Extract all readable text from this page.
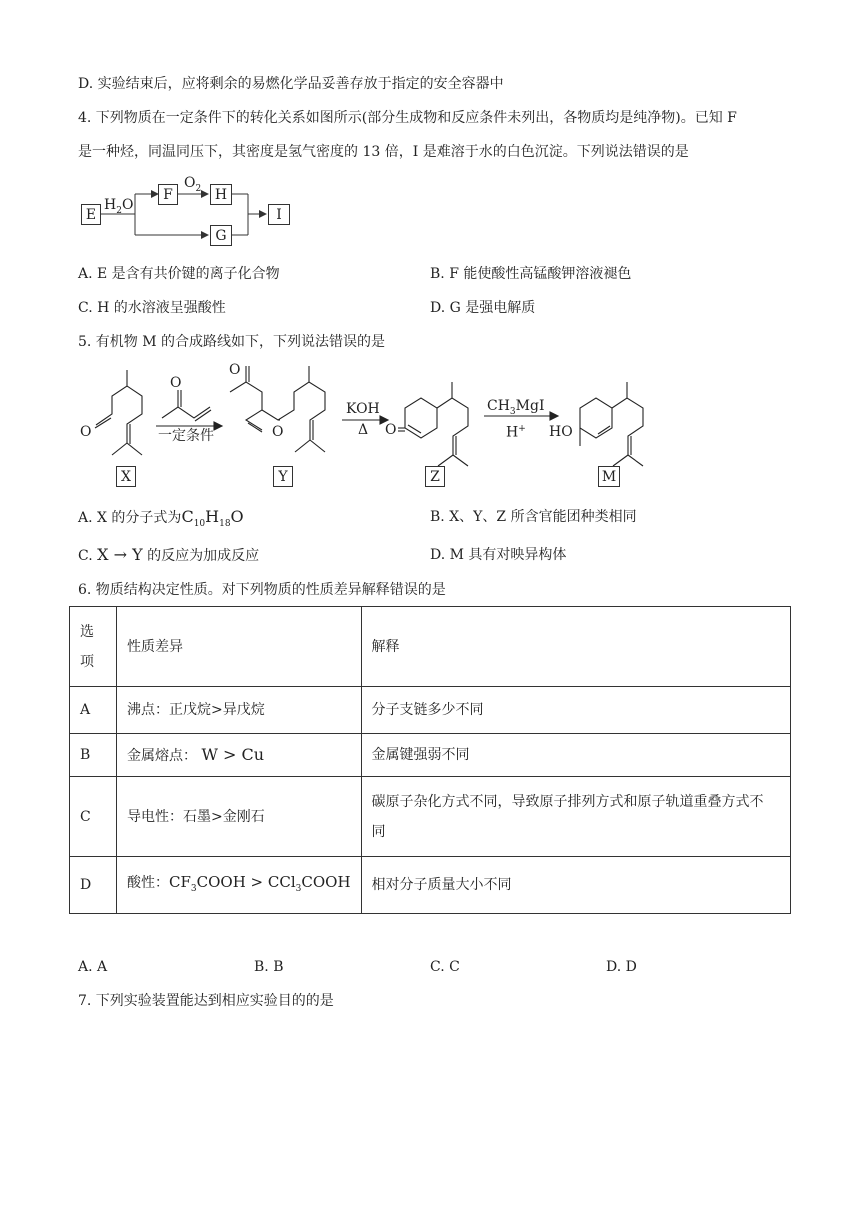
D. 实验结束后，应将剩余的易燃化学品妥善存放于指定的安全容器中
4. 下列物质在一定条件下的转化关系如图所示(部分生成物和反应条件未列出，各物质均是纯净物)。已知 F
是一种烃，同温同压下，其密度是氢气密度的 13 倍，I 是难溶于水的白色沉淀。下列说法错误的是
E
$H_2O$
F
$O_2$ H
G
I
A. E 是含有共价键的离子化合物	B. F 能使酸性高锰酸钾溶液褪色
C. H 的水溶液呈强酸性	D. G 是强电解质
5. 有机物 M 的合成路线如下，下列说法错误的是
O
O
O
O	O	HO
一定条件
KOH
Δ
$CH_3MgI$
H+
X	Y	Z	M
A. X 的分子式为$C_{10}H_{18}O$	B. X、Y、Z 所含官能团种类相同
C. X → Y 的反应为加成反应	D. M 具有对映异构体
6. 物质结构决定性质。对下列物质的性质差异解释错误的是
选
项	性质差异	解释
A	沸点：正戊烷>异戊烷	分子支链多少不同
B	金属熔点： W > Cu	金属键强弱不同
C	导电性：石墨>金刚石	碳原子杂化方式不同，导致原子排列方式和原子轨道重叠方式不
同

D	酸性：$CF_3COOH$ > CCl$_3$COOH	相对分子质量大小不同
A. A	B. B	C. C	D. D
7. 下列实验装置能达到相应实验目的的是
